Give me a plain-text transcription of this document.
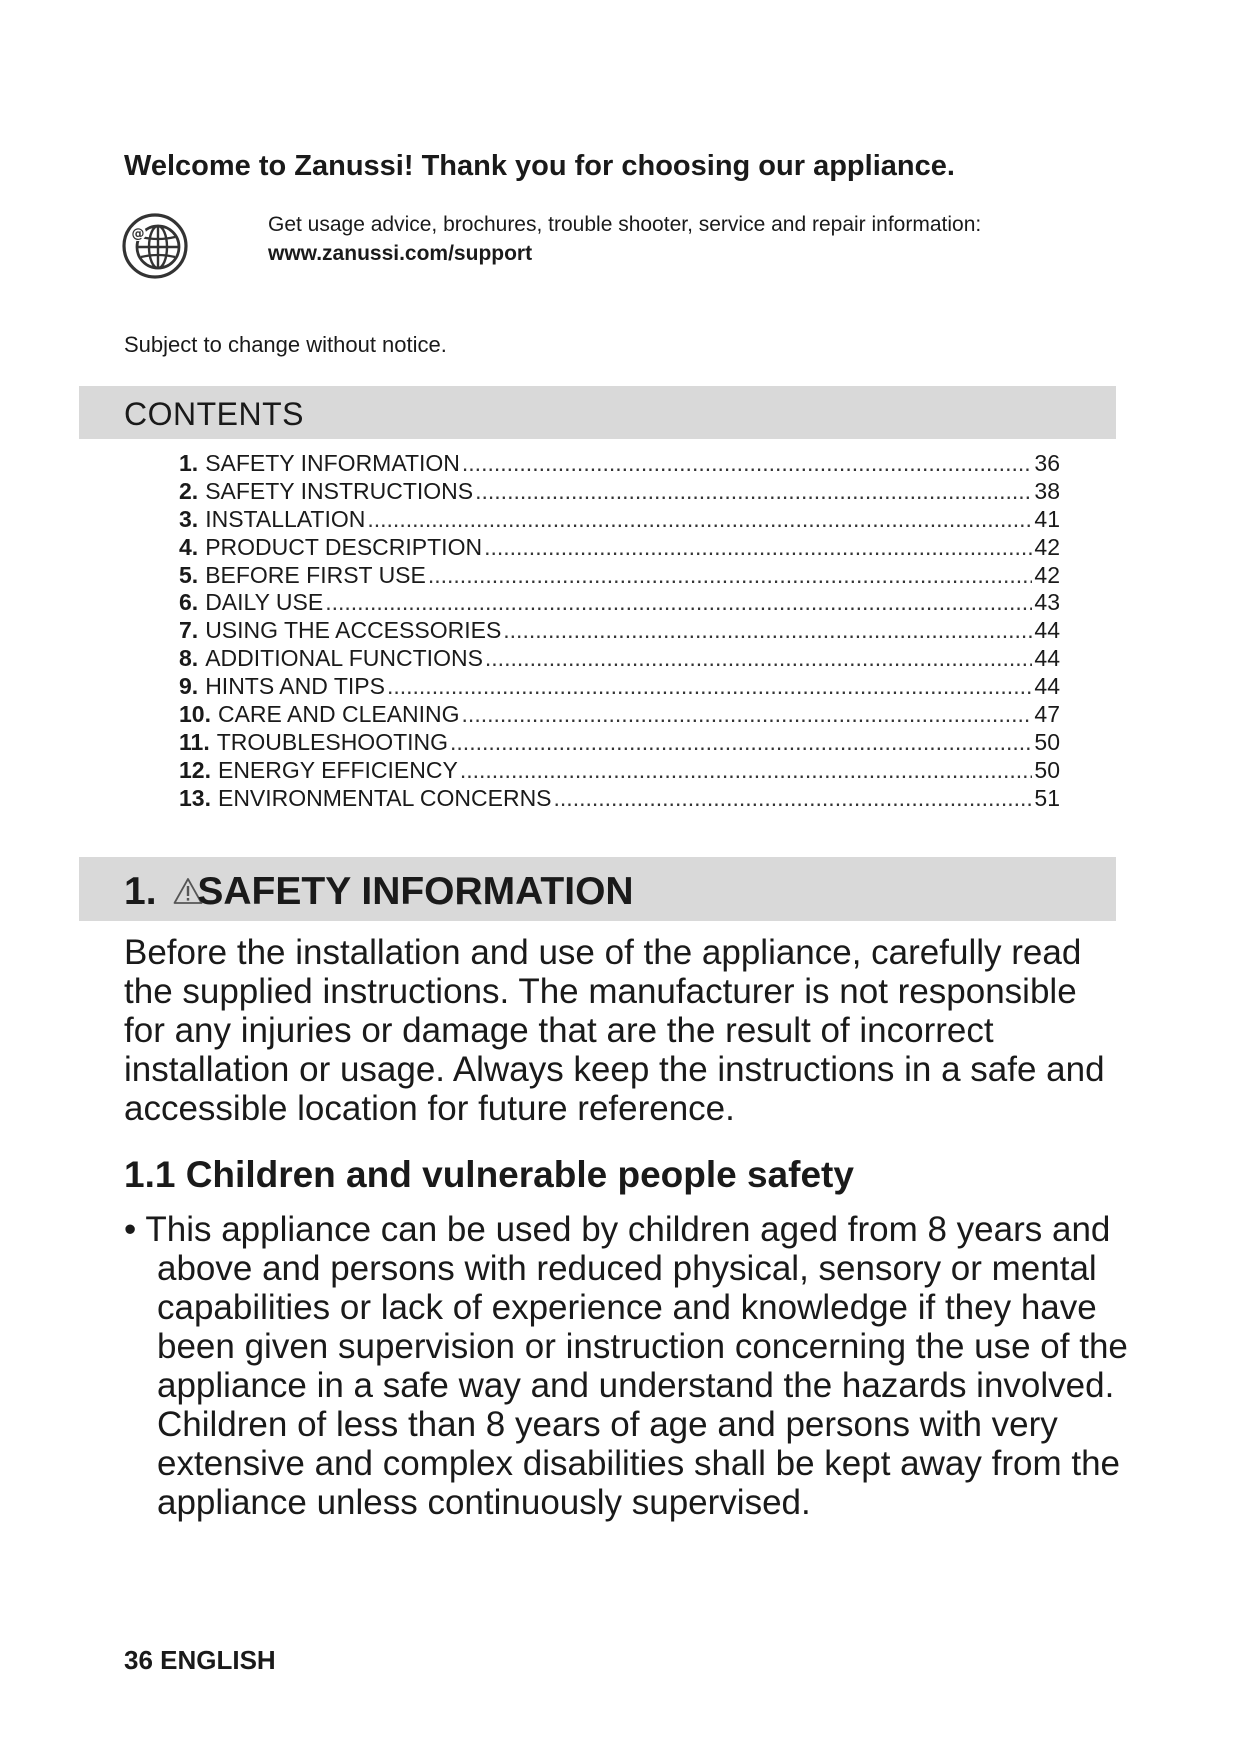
Welcome to Zanussi! Thank you for choosing our appliance.
@	Get usage advice, brochures, trouble shooter, service and repair information:
www.zanussi.com/support
Subject to change without notice.
CONTENTS
1. SAFETY INFORMATION .....	36
2. SAFETY INSTRUCTIONS .....	38
3. INSTALLATION .....	41
4. PRODUCT DESCRIPTION .....	42
5. BEFORE FIRST USE .....	42
6. DAILY USE .....	43
7. USING THE ACCESSORIES .....	44
8. ADDITIONAL FUNCTIONS .....	44
9. HINTS AND TIPS .....	44
10. CARE AND CLEANING .....	47
11. TROUBLESHOOTING .....	50
12. ENERGY EFFICIENCY .....	50
13. ENVIRONMENTAL CONCERNS .....	51
1. SAFETY INFORMATION

Before the installation and use of the appliance, carefully read the supplied instructions. The manufacturer is not responsible for any injuries or damage that are the result of incorrect installation or usage. Always keep the instructions in a safe and accessible location for future reference.

1.1 Children and vulnerable people safety

• This appliance can be used by children aged from 8 years and above and persons with reduced physical, sensory or mental capabilities or lack of experience and knowledge if they have been given supervision or instruction concerning the use of the appliance in a safe way and understand the hazards involved. Children of less than 8 years of age and persons with very extensive and complex disabilities shall be kept away from the appliance unless continuously supervised.

36 ENGLISH
